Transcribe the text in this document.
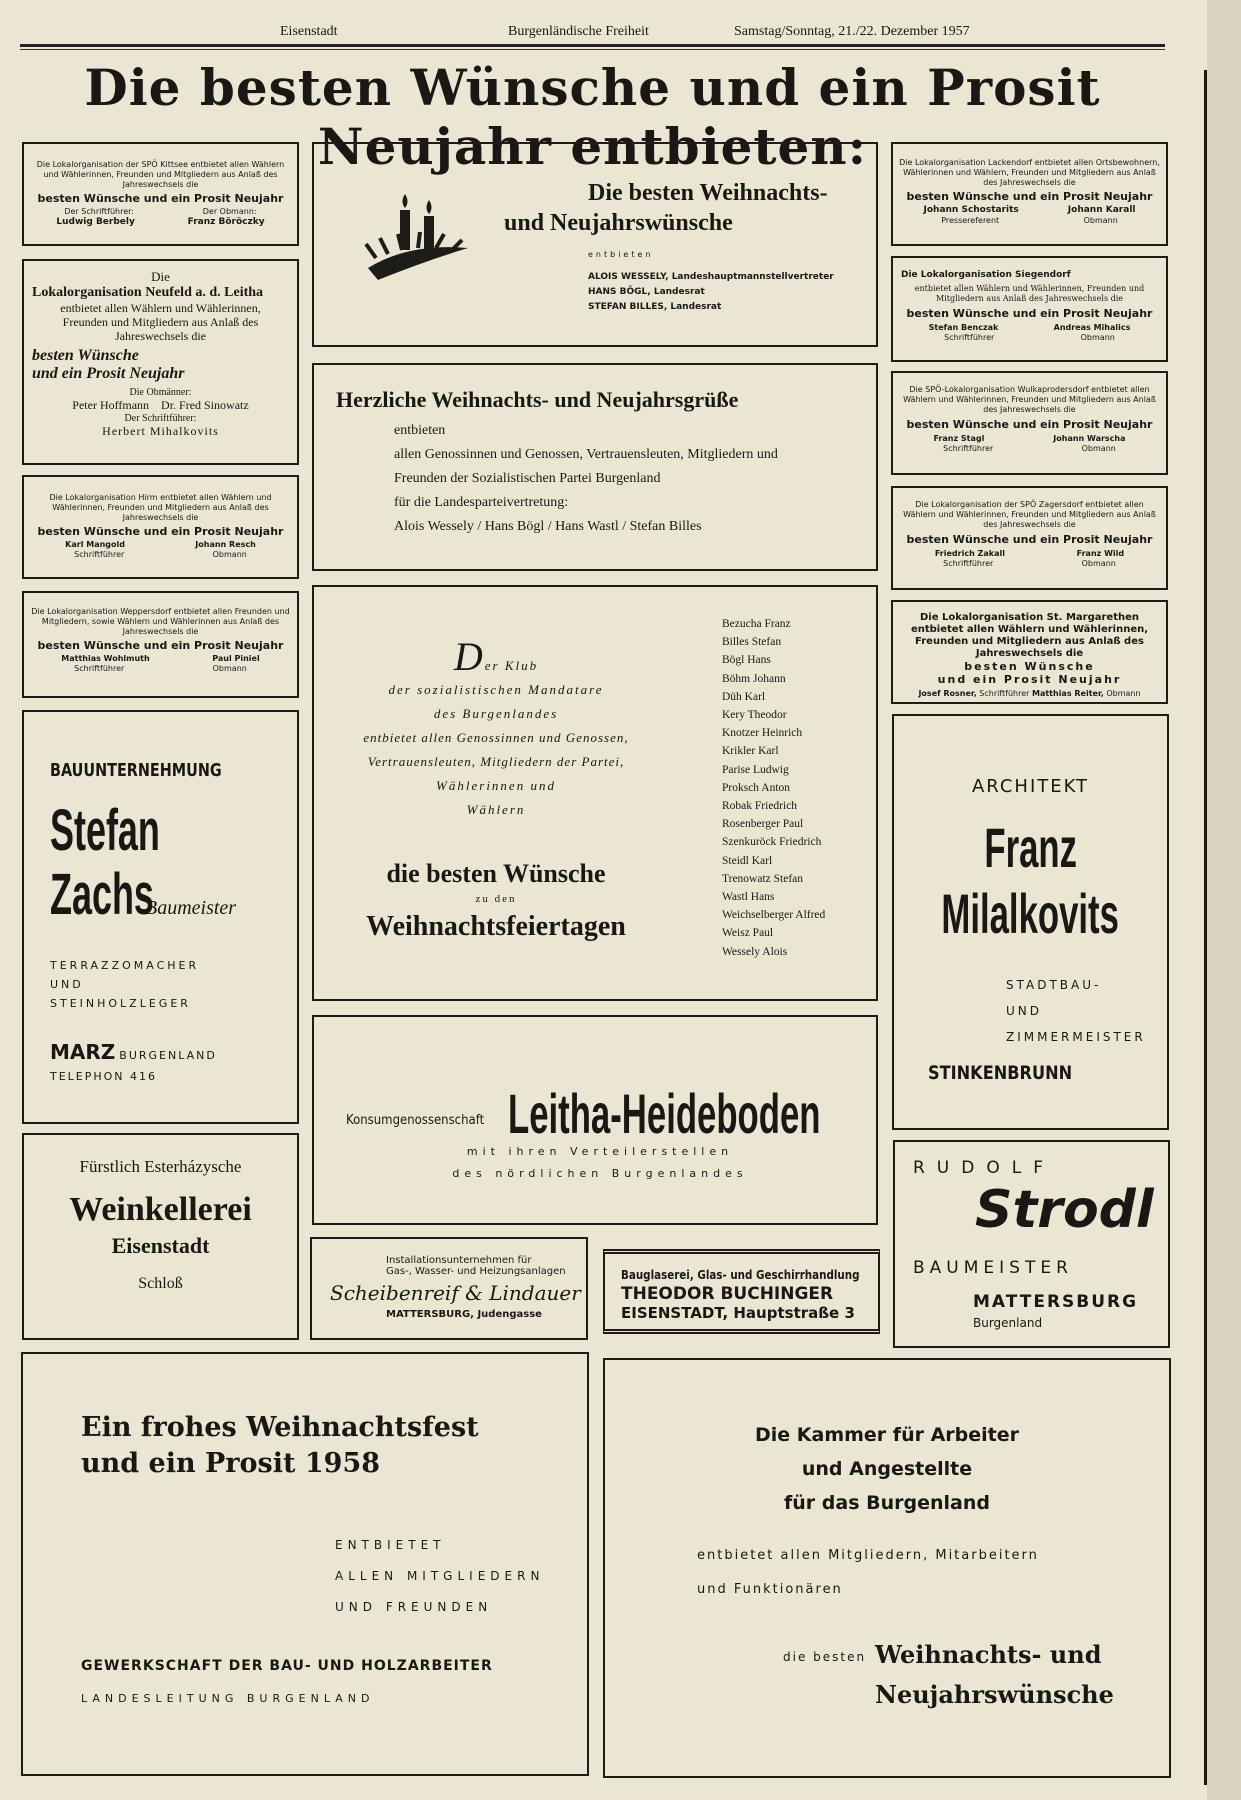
Eisenstadt	Burgenländische Freiheit	Samstag/Sonntag, 21./22. Dezember 1957
Die besten Wünsche und ein Prosit Neujahr entbieten:
Die Lokalorganisation der SPÖ Kittsee entbietet allen Wählern und Wählerinnen, Freunden und Mitgliedern aus Anlaß des Jahreswechsels die
besten Wünsche und ein Prosit Neujahr
Der Schriftführer:	Der Obmann:
Ludwig Berbely	Franz Böröczky
Die
Lokalorganisation Neufeld a. d. Leitha
entbietet allen Wählern und Wählerinnen, Freunden und Mitgliedern aus Anlaß des Jahreswechsels die
besten Wünsche
und ein Prosit Neujahr
Die Obmänner:
Peter Hoffmann    Dr. Fred Sinowatz
Der Schriftführer:
Herbert Mihalkovits
Die Lokalorganisation Hirm entbietet allen Wählern und Wählerinnen, Freunden und Mitgliedern aus Anlaß des Jahreswechsels die
besten Wünsche und ein Prosit Neujahr
Karl Mangold	Johann Resch
Schriftführer	Obmann
Die Lokalorganisation Weppersdorf entbietet allen Freunden und Mitgliedern, sowie Wählern und Wählerinnen aus Anlaß des Jahreswechsels die
besten Wünsche und ein Prosit Neujahr
Matthias Wohlmuth	Paul Piniel
Schriftführer	Obmann
BAUUNTERNEHMUNG
Stefan
Zachs
Baumeister
TERRAZZOMACHER
UND
STEINHOLZLEGER
MARZ BURGENLAND
TELEPHON 416
Fürstlich Esterházysche
Weinkellerei
Eisenstadt
Schloß
Die besten Weihnachts-
und Neujahrswünsche
entbieten
ALOIS WESSELY, Landeshauptmannstellvertreter
HANS BÖGL, Landesrat
STEFAN BILLES, Landesrat
Herzliche Weihnachts- und Neujahrsgrüße
entbieten
allen Genossinnen und Genossen, Vertrauensleuten, Mitgliedern und
Freunden der Sozialistischen Partei Burgenland
für die Landesparteivertretung:
Alois Wessely / Hans Bögl / Hans Wastl / Stefan Billes
Der Klub
der sozialistischen Mandatare
des Burgenlandes
entbietet allen Genossinnen und Genossen,
Vertrauensleuten, Mitgliedern der Partei,
Wählerinnen und
Wählern
die besten Wünsche
zu den
Weihnachtsfeiertagen
Bezucha Franz
Billes Stefan
Bögl Hans
Böhm Johann
Düh Karl
Kery Theodor
Knotzer Heinrich
Krikler Karl
Parise Ludwig
Proksch Anton
Robak Friedrich
Rosenberger Paul
Szenkuröck Friedrich
Steidl Karl
Trenowatz Stefan
Wastl Hans
Weichselberger Alfred
Weisz Paul
Wessely Alois
Konsumgenossenschaft Leitha-Heideboden
mit ihren Verteilerstellen
des nördlichen Burgenlandes
Installationsunternehmen für
Gas-, Wasser- und Heizungsanlagen
Scheibenreif & Lindauer
MATTERSBURG, Judengasse
Bauglaserei, Glas- und Geschirrhandlung
THEODOR BUCHINGER
EISENSTADT, Hauptstraße 3
Die Lokalorganisation Lackendorf entbietet allen Ortsbewohnern, Wählerinnen und Wählern, Freunden und Mitgliedern aus Anlaß des Jahreswechsels die
besten Wünsche und ein Prosit Neujahr
Johann Schostarits	Johann Karall
Pressereferent	Obmann
Die Lokalorganisation Siegendorf
entbietet allen Wählern und Wählerinnen, Freunden und Mitgliedern aus Anlaß des Jahreswechsels die
besten Wünsche und ein Prosit Neujahr
Stefan Benczak	Andreas Mihalics
Schriftführer	Obmann
Die SPÖ-Lokalorganisation Wulkaprodersdorf entbietet allen Wählern und Wählerinnen, Freunden und Mitgliedern aus Anlaß des Jahreswechsels die
besten Wünsche und ein Prosit Neujahr
Franz Stagl	Johann Warscha
Schriftführer	Obmann
Die Lokalorganisation der SPÖ Zagersdorf entbietet allen Wählern und Wählerinnen, Freunden und Mitgliedern aus Anlaß des Jahreswechsels die
besten Wünsche und ein Prosit Neujahr
Friedrich Zakall	Franz Wild
Schriftführer	Obmann
Die Lokalorganisation St. Margarethen entbietet allen Wählern und Wählerinnen, Freunden und Mitgliedern aus Anlaß des Jahreswechsels die
besten Wünsche
und ein Prosit Neujahr
Josef Rosner, Schriftführer Matthias Reiter, Obmann
ARCHITEKT
Franz
Milalkovits
STADTBAU-
UND
ZIMMERMEISTER
STINKENBRUNN
RUDOLF
Strodl
BAUMEISTER
MATTERSBURG
Burgenland
Ein frohes Weihnachtsfest
und ein Prosit 1958
ENTBIETET
ALLEN MITGLIEDERN
UND FREUNDEN
GEWERKSCHAFT DER BAU- UND HOLZARBEITER
LANDESLEITUNG BURGENLAND
Die Kammer für Arbeiter
und Angestellte
für das Burgenland
entbietet allen Mitgliedern, Mitarbeitern
und Funktionären
die besten Weihnachts- und
Neujahrswünsche
